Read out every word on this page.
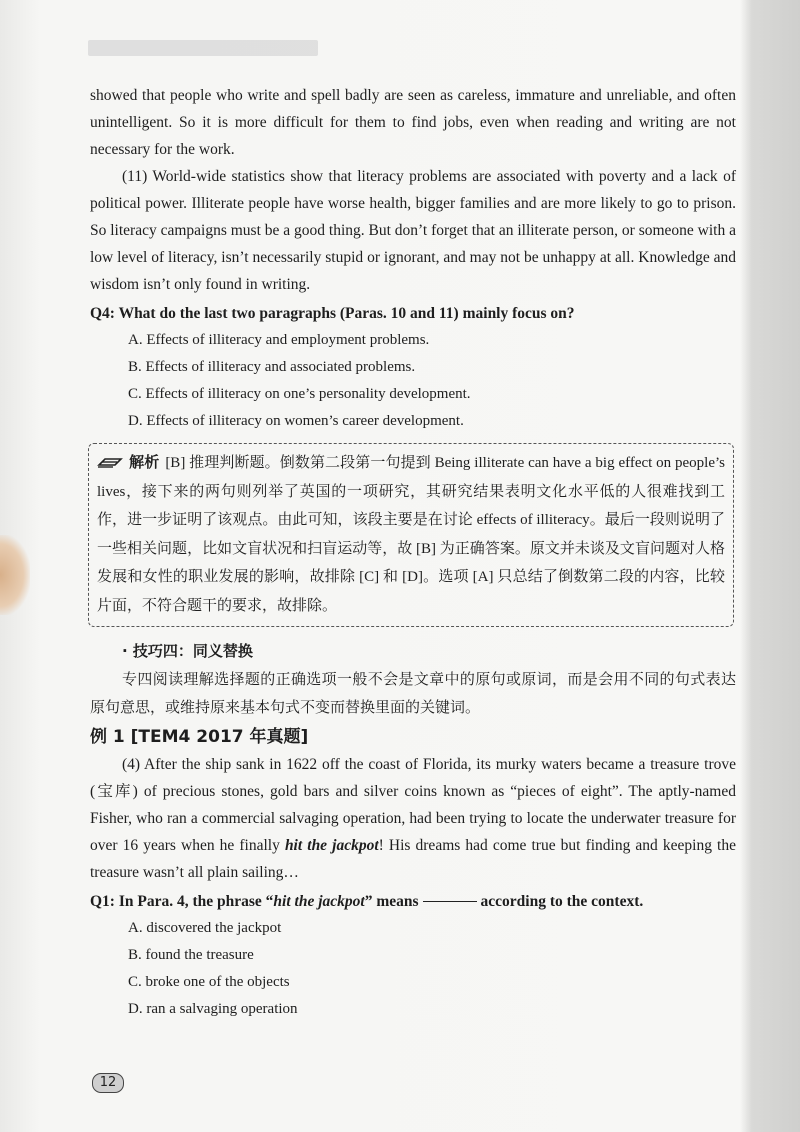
showed that people who write and spell badly are seen as careless, immature and unreliable, and often unintelligent. So it is more difficult for them to find jobs, even when reading and writing are not necessary for the work.

(11) World-wide statistics show that literacy problems are associated with poverty and a lack of political power. Illiterate people have worse health, bigger families and are more likely to go to prison. So literacy campaigns must be a good thing. But don’t forget that an illiterate person, or someone with a low level of literacy, isn’t necessarily stupid or ignorant, and may not be unhappy at all. Knowledge and wisdom isn’t only found in writing.

Q4: What do the last two paragraphs (Paras. 10 and 11) mainly focus on?
A. Effects of illiteracy and employment problems.
B. Effects of illiteracy and associated problems.
C. Effects of illiteracy on one’s personality development.
D. Effects of illiteracy on women’s career development.
解析 [B] 推理判断题。倒数第二段第一句提到 Being illiterate can have a big effect on people’s lives，接下来的两句则列举了英国的一项研究，其研究结果表明文化水平低的人很难找到工作，进一步证明了该观点。由此可知，该段主要是在讨论 effects of illiteracy。最后一段则说明了一些相关问题，比如文盲状况和扫盲运动等，故 [B] 为正确答案。原文并未谈及文盲问题对人格发展和女性的职业发展的影响，故排除 [C] 和 [D]。选项 [A] 只总结了倒数第二段的内容，比较片面，不符合题干的要求，故排除。
· 技巧四：同义替换
专四阅读理解选择题的正确选项一般不会是文章中的原句或原词，而是会用不同的句式表达原句意思，或维持原来基本句式不变而替换里面的关键词。
例 1 [TEM4 2017 年真题]

(4) After the ship sank in 1622 off the coast of Florida, its murky waters became a treasure trove (宝库) of precious stones, gold bars and silver coins known as “pieces of eight”. The aptly-named Fisher, who ran a commercial salvaging operation, had been trying to locate the underwater treasure for over 16 years when he finally hit the jackpot! His dreams had come true but finding and keeping the treasure wasn’t all plain sailing…

Q1: In Para. 4, the phrase “hit the jackpot” means	according to the context.
A. discovered the jackpot
B. found the treasure
C. broke one of the objects
D. ran a salvaging operation
12
